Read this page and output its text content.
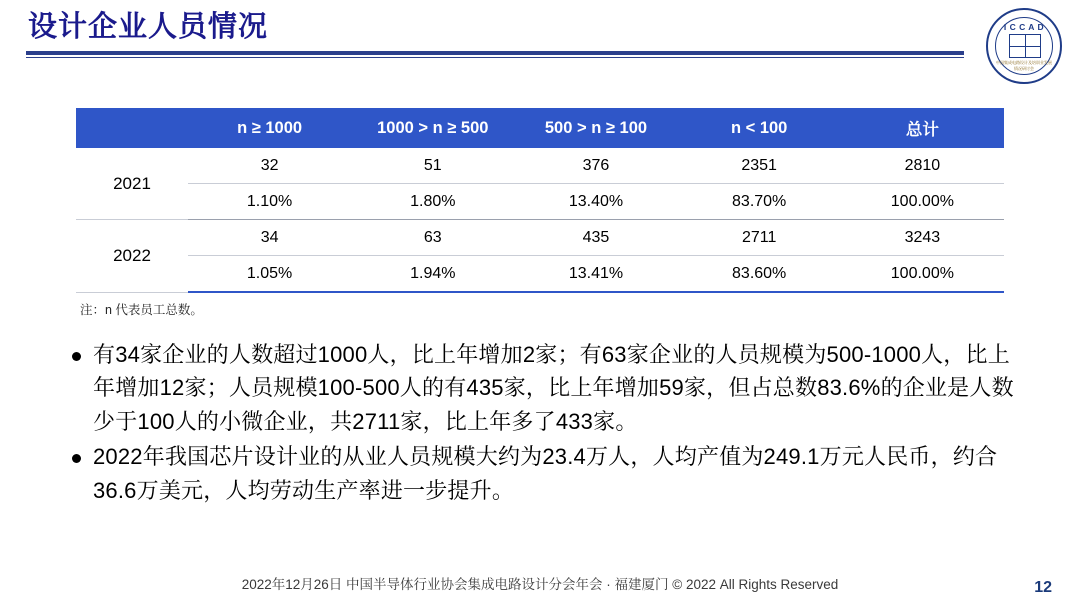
设计企业人员情况	I C C A D
中国集成电路设计及培训业发展情况研讨会
	n ≥ 1000	1000 > n ≥ 500	500 > n ≥ 100	n < 100	总计
2021	32	51	376	2351	2810
	1.10%	1.80%	13.40%	83.70%	100.00%
2022	34	63	435	2711	3243
	1.05%	1.94%	13.41%	83.60%	100.00%
注：n 代表员工总数。
有34家企业的人数超过1000人，比上年增加2家；有63家企业的人员规模为500-1000人，比上年增加12家；人员规模100-500人的有435家，比上年增加59家，但占总数83.6%的企业是人数少于100人的小微企业，共2711家，比上年多了433家。
2022年我国芯片设计业的从业人员规模大约为23.4万人，人均产值为249.1万元人民币，约合36.6万美元，人均劳动生产率进一步提升。
2022年12月26日 中国半导体行业协会集成电路设计分会年会 · 福建厦门 © 2022 All Rights Reserved	12
